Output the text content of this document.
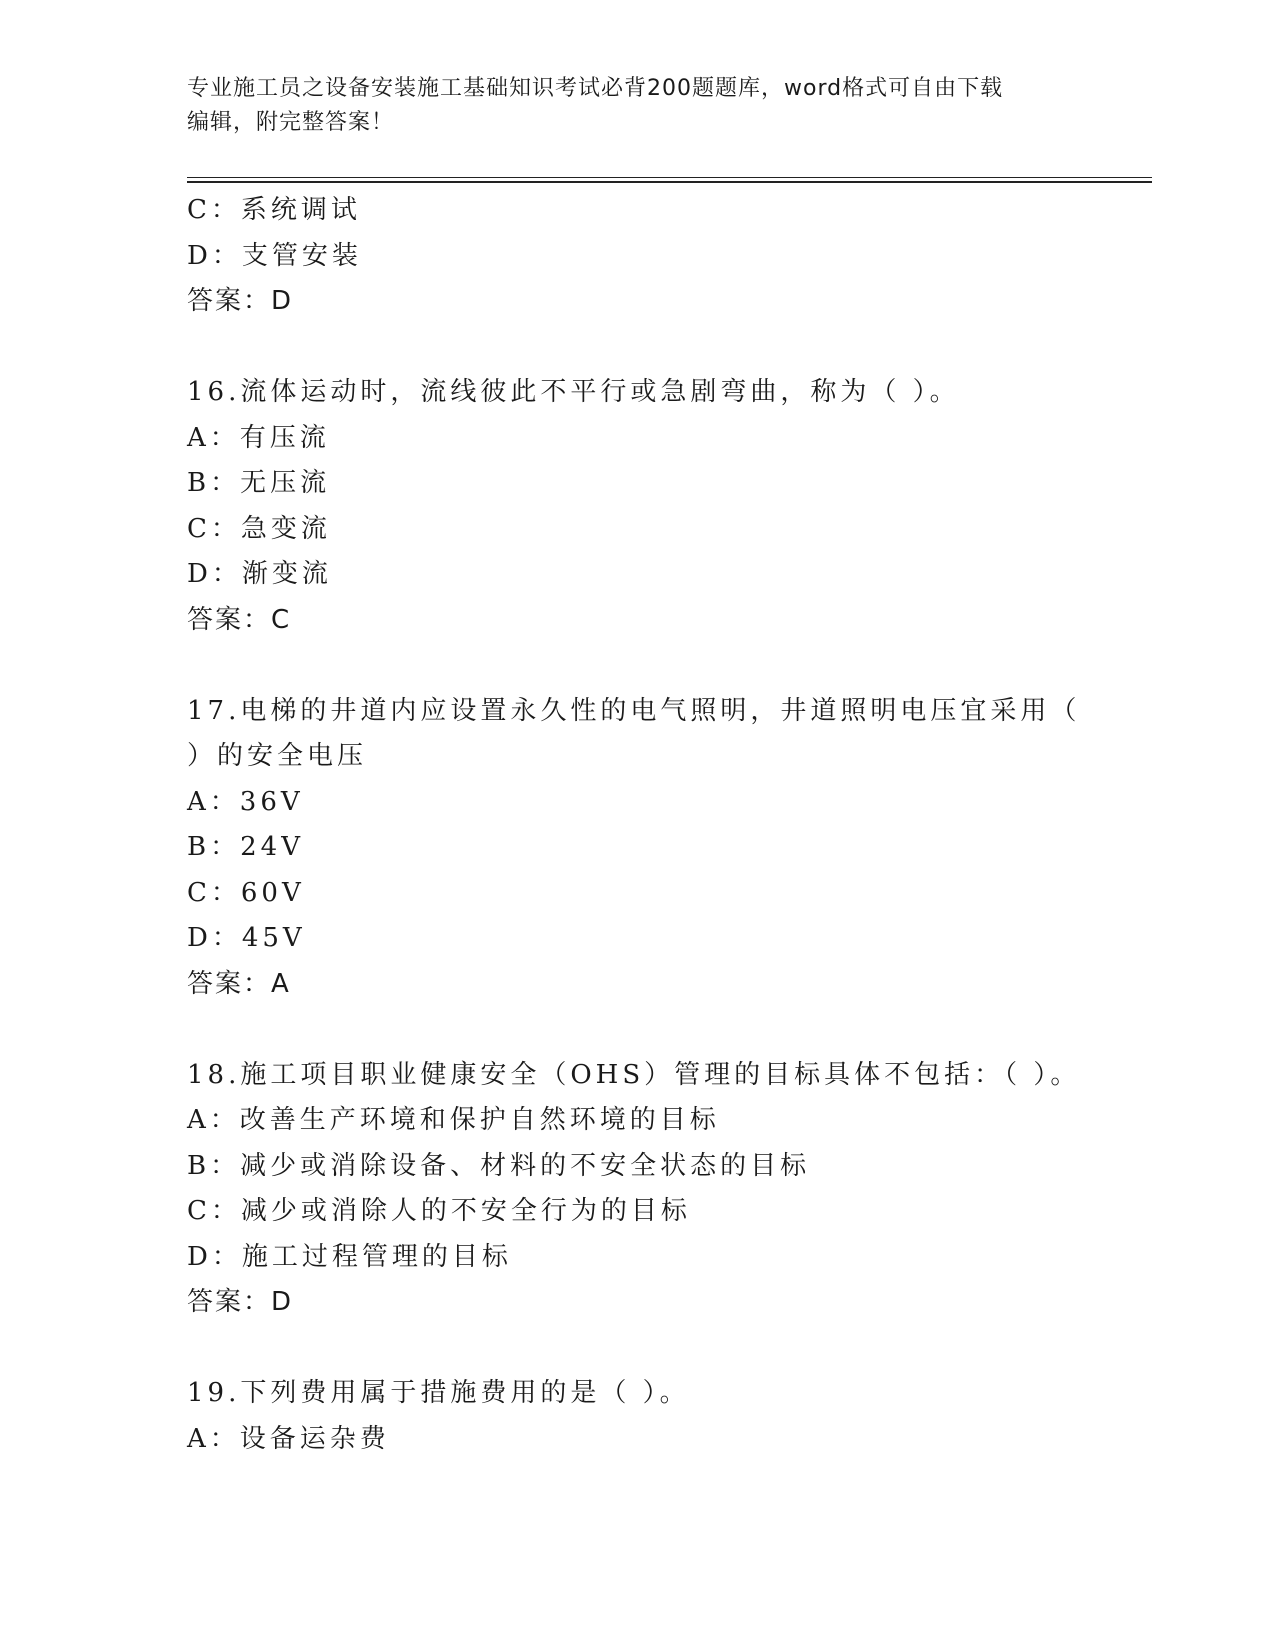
专业施工员之设备安装施工基础知识考试必背200题题库，word格式可自由下载
编辑，附完整答案！
C：系统调试
D：支管安装
答案：D
16.流体运动时，流线彼此不平行或急剧弯曲，称为（ ）。
A：有压流
B：无压流
C：急变流
D：渐变流
答案：C
17.电梯的井道内应设置永久性的电气照明，井道照明电压宜采用（
）的安全电压
A：36V
B：24V
C：60V
D：45V
答案：A
18.施工项目职业健康安全（OHS）管理的目标具体不包括：（ ）。
A：改善生产环境和保护自然环境的目标
B：减少或消除设备、材料的不安全状态的目标
C：减少或消除人的不安全行为的目标
D：施工过程管理的目标
答案：D
19.下列费用属于措施费用的是（ ）。
A：设备运杂费
